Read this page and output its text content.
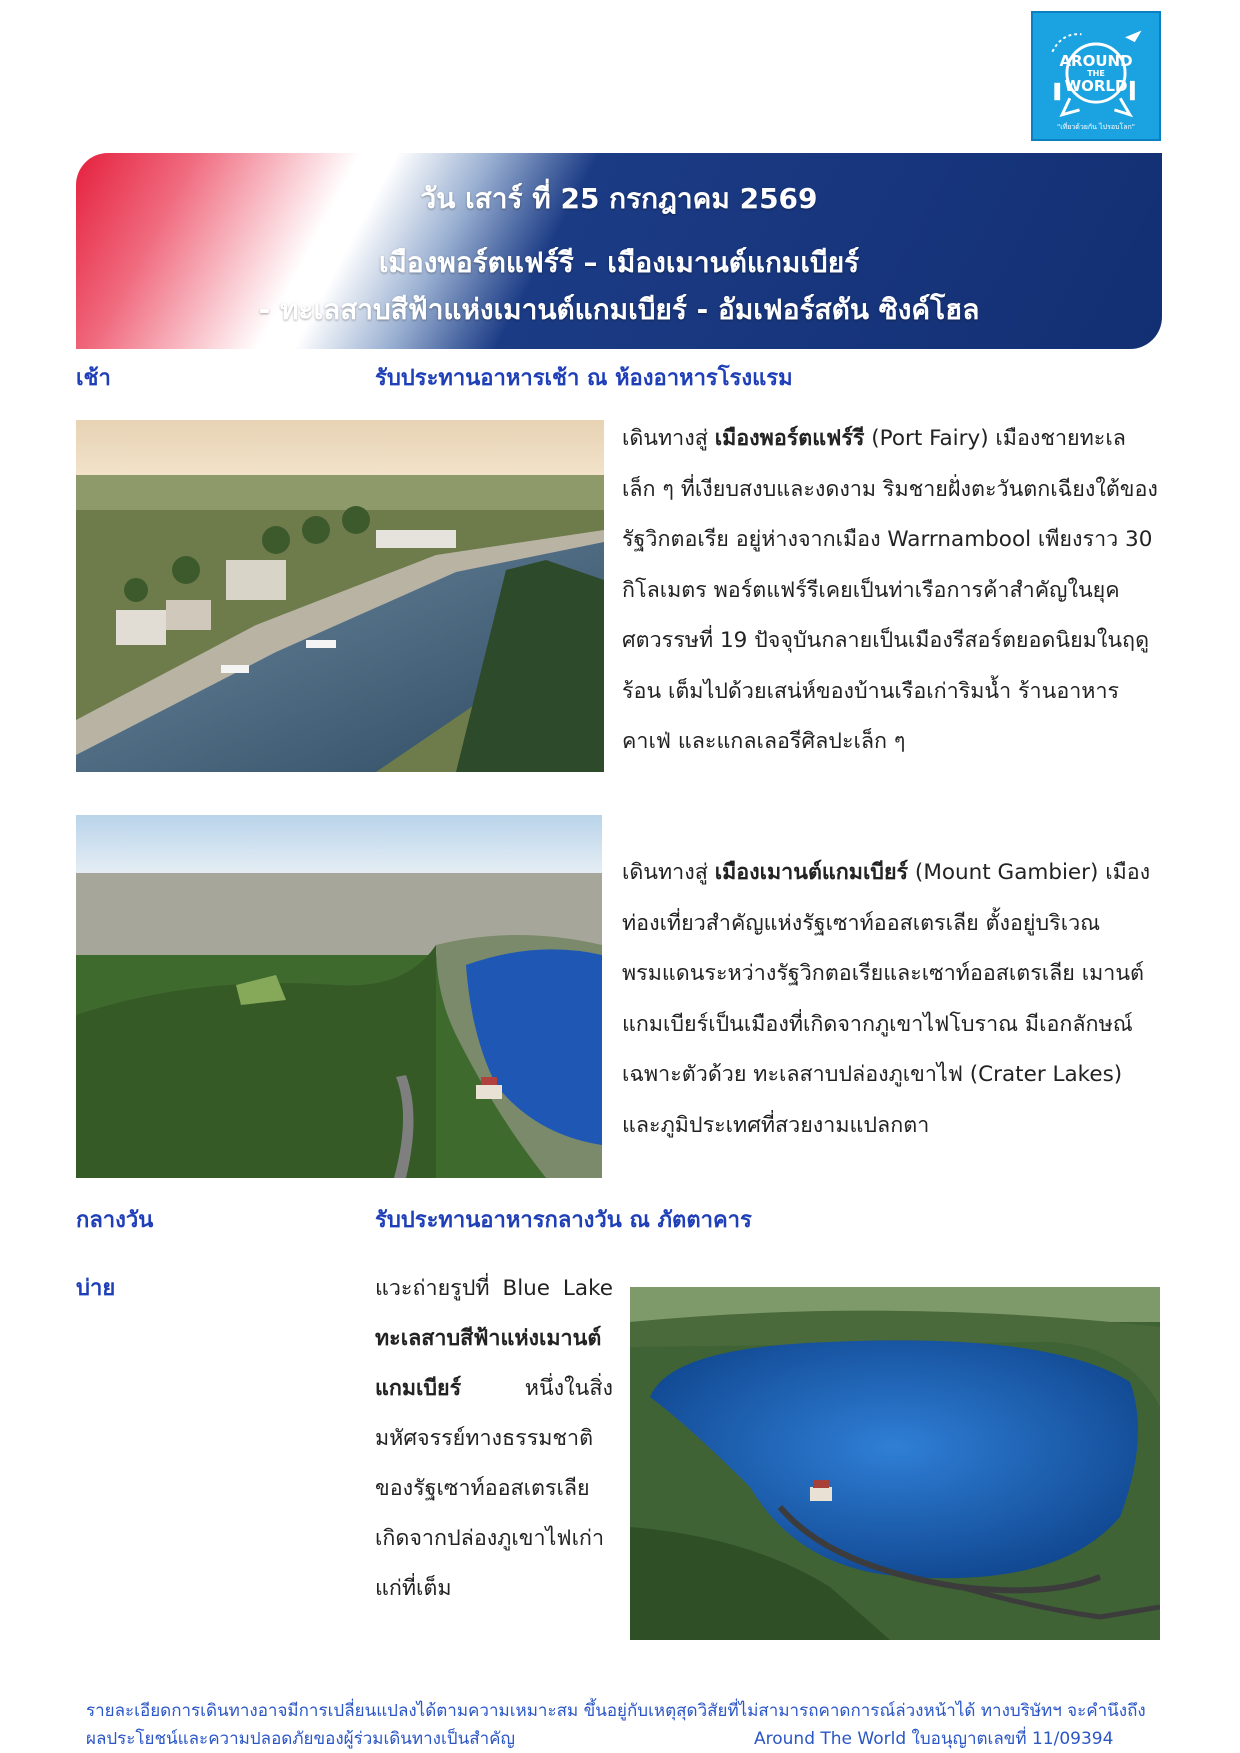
AROUND
THE
WORLD
"เที่ยวด้วยกัน ไปรอบโลก"
วัน เสาร์ ที่ 25 กรกฎาคม 2569
เมืองพอร์ตแฟร์รี – เมืองเมานต์แกมเบียร์
- ทะเลสาบสีฟ้าแห่งเมานต์แกมเบียร์ - อัมเฟอร์สตัน ซิงค์โฮล
เช้า	รับประทานอาหารเช้า ณ ห้องอาหารโรงแรม
เดินทางสู่ เมืองพอร์ตแฟร์รี (Port Fairy) เมืองชายทะเลเล็ก ๆ ที่เงียบสงบและงดงาม ริมชายฝั่งตะวันตกเฉียงใต้ของรัฐวิกตอเรีย อยู่ห่างจากเมือง Warrnambool เพียงราว 30 กิโลเมตร พอร์ตแฟร์รีเคยเป็นท่าเรือการค้าสำคัญในยุคศตวรรษที่ 19 ปัจจุบันกลายเป็นเมืองรีสอร์ตยอดนิยมในฤดูร้อน เต็มไปด้วยเสน่ห์ของบ้านเรือเก่าริมน้ำ ร้านอาหาร คาเฟ่ และแกลเลอรีศิลปะเล็ก ๆ
เดินทางสู่ เมืองเมานต์แกมเบียร์ (Mount Gambier) เมืองท่องเที่ยวสำคัญแห่งรัฐเซาท์ออสเตรเลีย ตั้งอยู่บริเวณพรมแดนระหว่างรัฐวิกตอเรียและเซาท์ออสเตรเลีย เมานต์แกมเบียร์เป็นเมืองที่เกิดจากภูเขาไฟโบราณ มีเอกลักษณ์เฉพาะตัวด้วย ทะเลสาบปล่องภูเขาไฟ (Crater Lakes) และภูมิประเทศที่สวยงามแปลกตา
กลางวัน	รับประทานอาหารกลางวัน ณ ภัตตาคาร
บ่าย	แวะถ่ายรูปที่ Blue Lake ทะเลสาบสีฟ้าแห่งเมานต์แกมเบียร์ หนึ่งในสิ่งมหัศจรรย์ทางธรรมชาติของรัฐเซาท์ออสเตรเลีย เกิดจากปล่องภูเขาไฟเก่าแก่ที่เต็ม
รายละเอียดการเดินทางอาจมีการเปลี่ยนแปลงได้ตามความเหมาะสม ขึ้นอยู่กับเหตุสุดวิสัยที่ไม่สามารถคาดการณ์ล่วงหน้าได้ ทางบริษัทฯ จะคำนึงถึง
ผลประโยชน์และความปลอดภัยของผู้ร่วมเดินทางเป็นสำคัญ	Around The World ใบอนุญาตเลขที่ 11/09394
